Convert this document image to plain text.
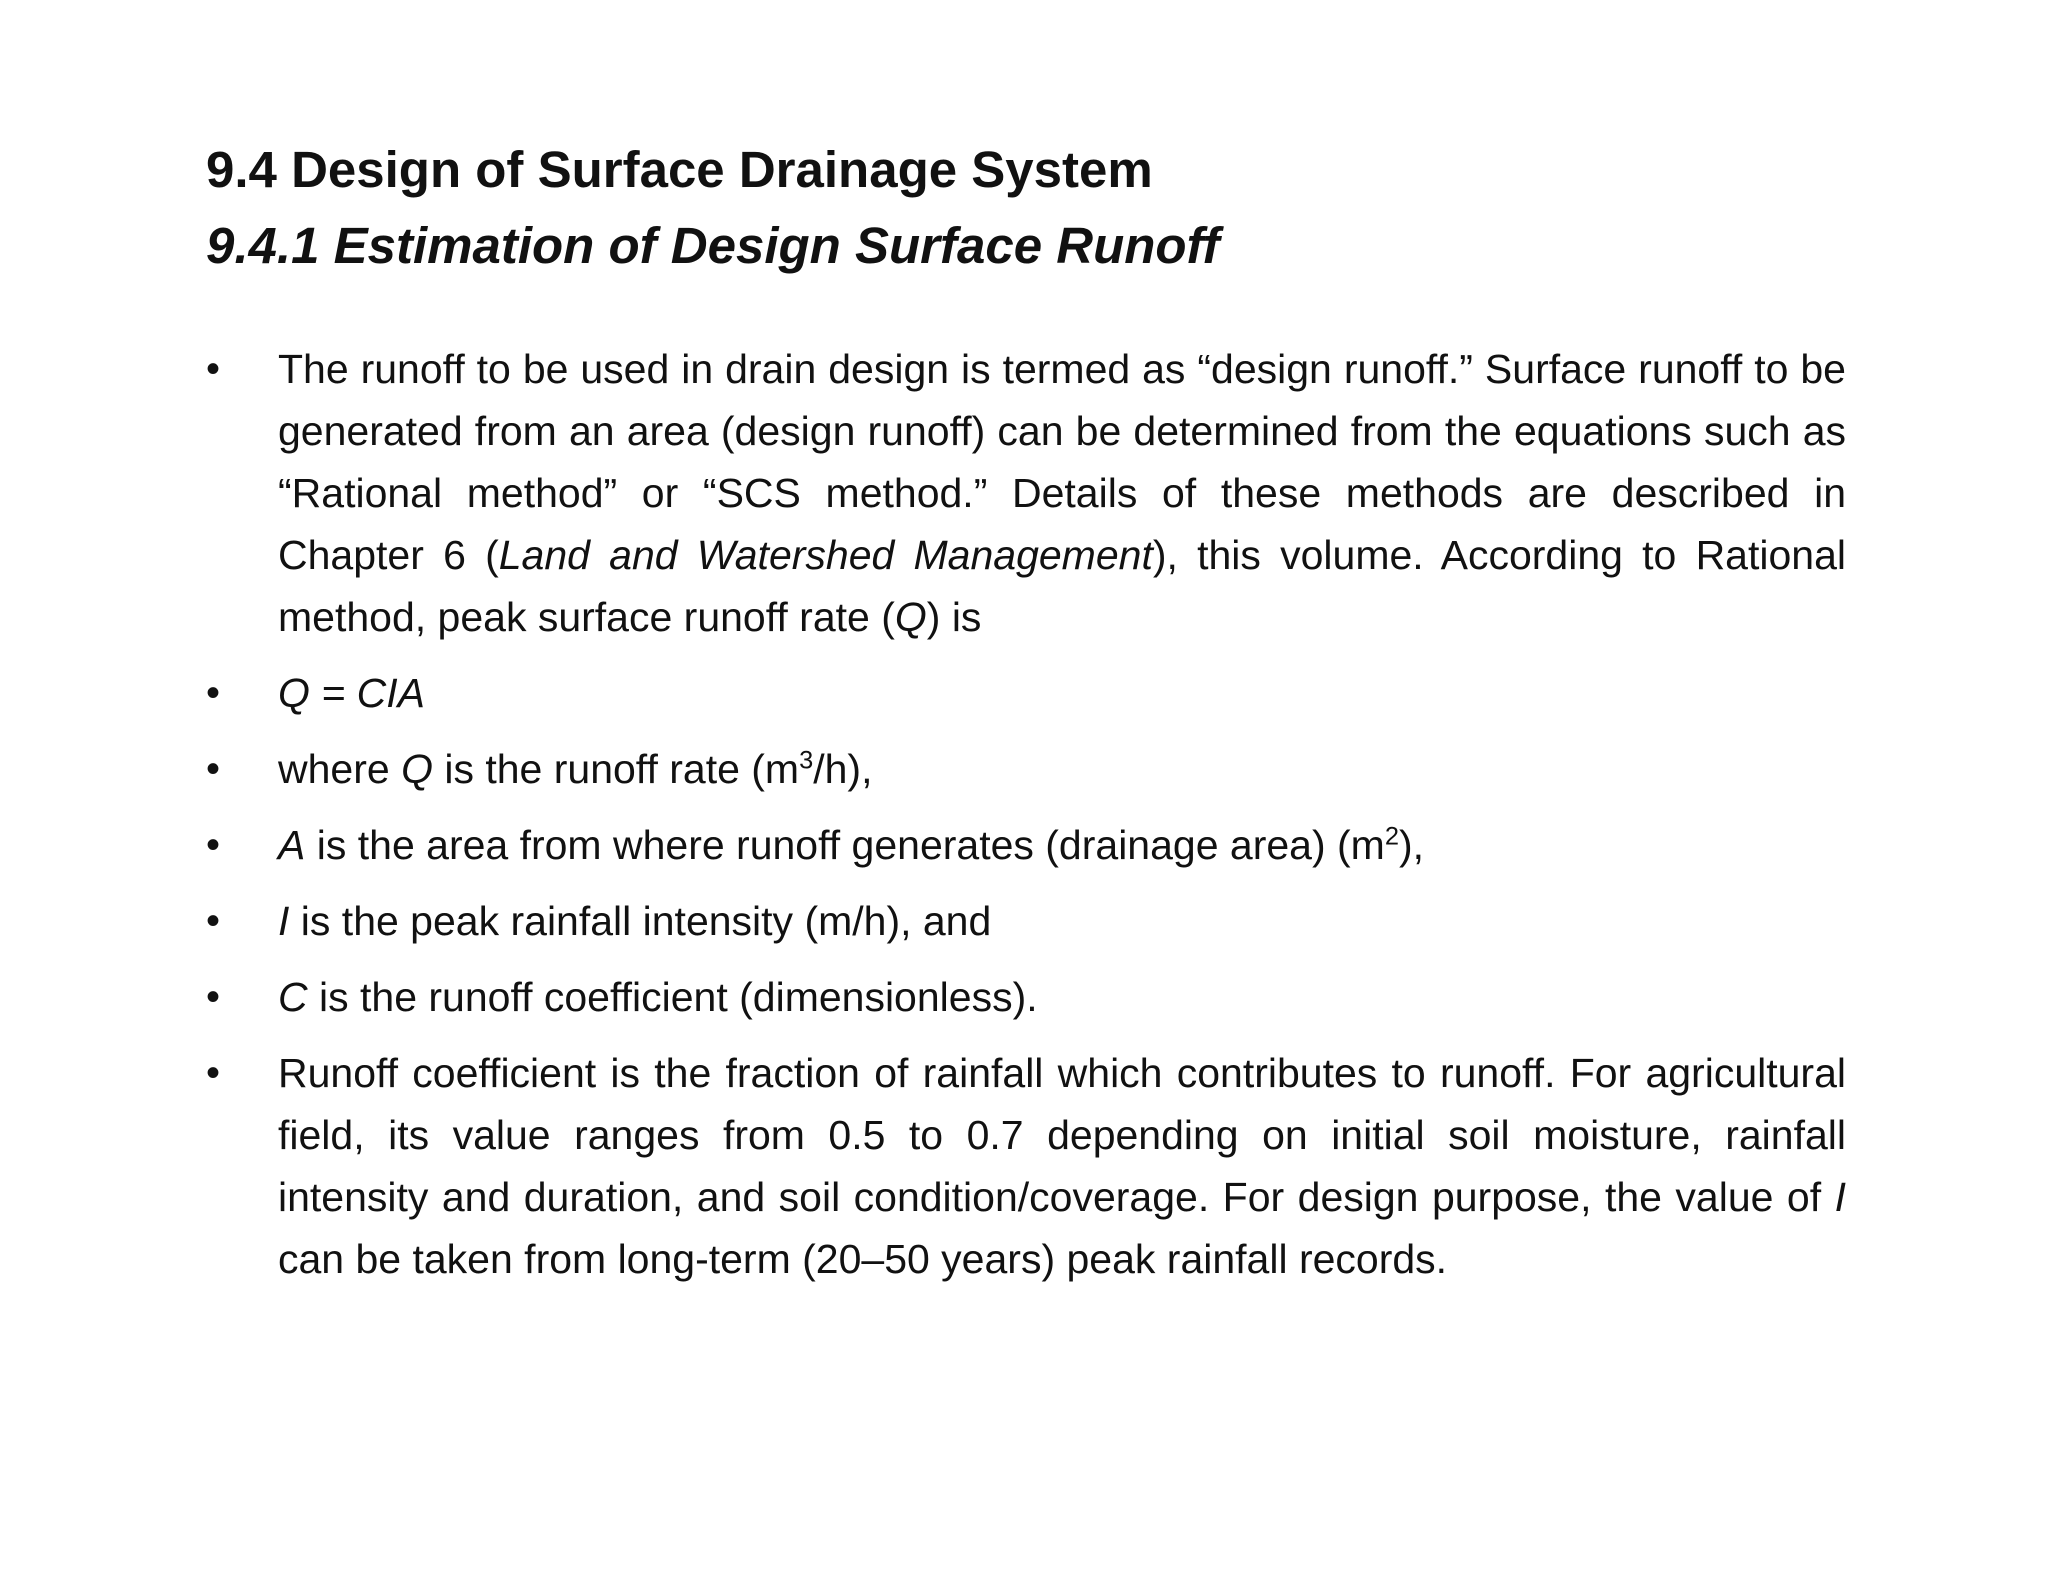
9.4 Design of Surface Drainage System
9.4.1 Estimation of Design Surface Runoff
• The runoff to be used in drain design is termed as “design runoff.” Surface runoff to be generated from an area (design runoff) can be determined from the equations such as “Rational method” or “SCS method.” Details of these methods are described in Chapter 6 (Land and Watershed Management), this volume. According to Rational method, peak surface runoff rate (Q) is
• Q = CIA
• where Q is the runoff rate $(m^3/h)$,
• A is the area from where runoff generates (drainage area) $(m^2)$,
• I is the peak rainfall intensity (m/h), and
• C is the runoff coefficient (dimensionless).
• Runoff coefficient is the fraction of rainfall which contributes to runoff. For agricultural field, its value ranges from 0.5 to 0.7 depending on initial soil moisture, rainfall intensity and duration, and soil condition/coverage. For design purpose, the value of I can be taken from long-term (20–50 years) peak rainfall records.
